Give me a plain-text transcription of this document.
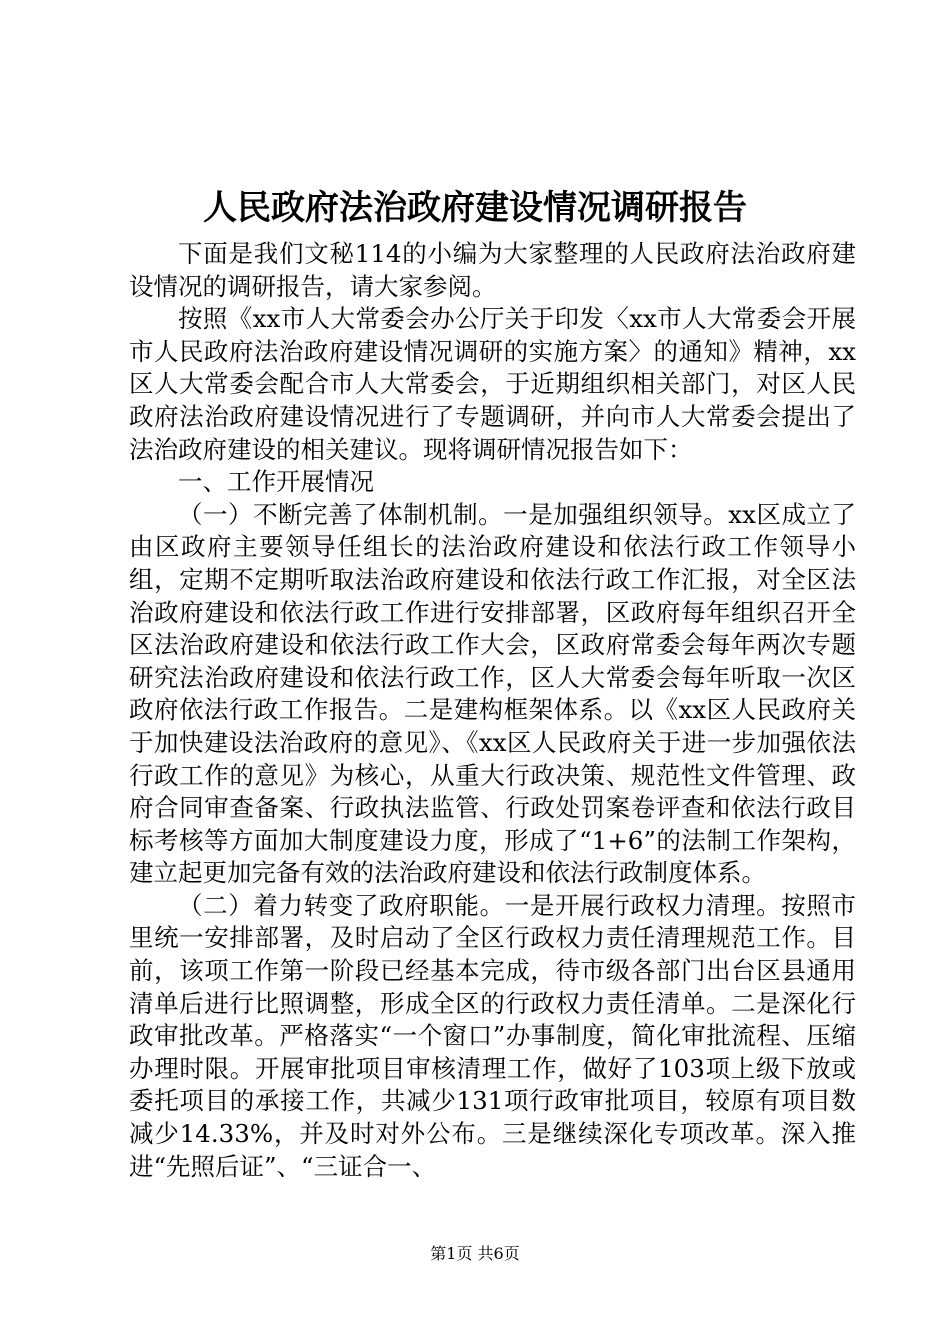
人民政府法治政府建设情况调研报告

下面是我们文秘114的小编为大家整理的人民政府法治政府建设情况的调研报告，请大家参阅。

按照《xx市人大常委会办公厅关于印发〈xx市人大常委会开展市人民政府法治政府建设情况调研的实施方案〉的通知》精神，xx区人大常委会配合市人大常委会，于近期组织相关部门，对区人民政府法治政府建设情况进行了专题调研，并向市人大常委会提出了法治政府建设的相关建议。现将调研情况报告如下：

一、工作开展情况

（一）不断完善了体制机制。一是加强组织领导。xx区成立了由区政府主要领导任组长的法治政府建设和依法行政工作领导小组，定期不定期听取法治政府建设和依法行政工作汇报，对全区法治政府建设和依法行政工作进行安排部署，区政府每年组织召开全区法治政府建设和依法行政工作大会，区政府常委会每年两次专题研究法治政府建设和依法行政工作，区人大常委会每年听取一次区政府依法行政工作报告。二是建构框架体系。以《xx区人民政府关于加快建设法治政府的意见》、《xx区人民政府关于进一步加强依法行政工作的意见》为核心，从重大行政决策、规范性文件管理、政府合同审查备案、行政执法监管、行政处罚案卷评查和依法行政目标考核等方面加大制度建设力度，形成了“1+6”的法制工作架构，建立起更加完备有效的法治政府建设和依法行政制度体系。

（二）着力转变了政府职能。一是开展行政权力清理。按照市里统一安排部署，及时启动了全区行政权力责任清理规范工作。目前，该项工作第一阶段已经基本完成，待市级各部门出台区县通用清单后进行比照调整，形成全区的行政权力责任清单。二是深化行政审批改革。严格落实“一个窗口”办事制度，简化审批流程、压缩办理时限。开展审批项目审核清理工作，做好了103项上级下放或委托项目的承接工作，共减少131项行政审批项目，较原有项目数减少14.33%，并及时对外公布。三是继续深化专项改革。深入推进“先照后证”、“三证合一、

第1页 共6页
